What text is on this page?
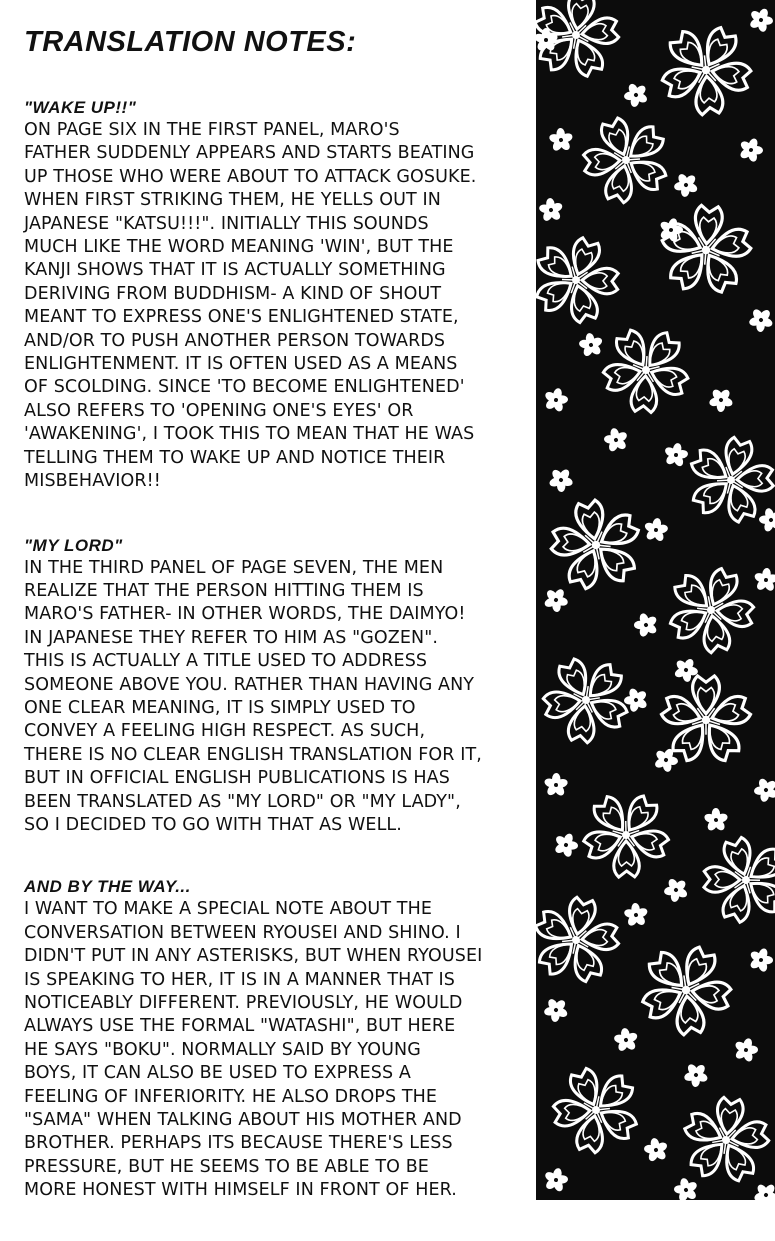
TRANSLATION NOTES:
"WAKE UP!!"
ON PAGE SIX IN THE FIRST PANEL, MARO'S
FATHER SUDDENLY APPEARS AND STARTS BEATING
UP THOSE WHO WERE ABOUT TO ATTACK GOSUKE.
WHEN FIRST STRIKING THEM, HE YELLS OUT IN
JAPANESE "KATSU!!!". INITIALLY THIS SOUNDS
MUCH LIKE THE WORD MEANING 'WIN', BUT THE
KANJI SHOWS THAT IT IS ACTUALLY SOMETHING
DERIVING FROM BUDDHISM- A KIND OF SHOUT
MEANT TO EXPRESS ONE'S ENLIGHTENED STATE,
AND/OR TO PUSH ANOTHER PERSON TOWARDS
ENLIGHTENMENT. IT IS OFTEN USED AS A MEANS
OF SCOLDING. SINCE 'TO BECOME ENLIGHTENED'
ALSO REFERS TO 'OPENING ONE'S EYES' OR
'AWAKENING', I TOOK THIS TO MEAN THAT HE WAS
TELLING THEM TO WAKE UP AND NOTICE THEIR
MISBEHAVIOR!!
"MY LORD"
IN THE THIRD PANEL OF PAGE SEVEN, THE MEN
REALIZE THAT THE PERSON HITTING THEM IS
MARO'S FATHER- IN OTHER WORDS, THE DAIMYO!
IN JAPANESE THEY REFER TO HIM AS "GOZEN".
THIS IS ACTUALLY A TITLE USED TO ADDRESS
SOMEONE ABOVE YOU. RATHER THAN HAVING ANY
ONE CLEAR MEANING, IT IS SIMPLY USED TO
CONVEY A FEELING HIGH RESPECT. AS SUCH,
THERE IS NO CLEAR ENGLISH TRANSLATION FOR IT,
BUT IN OFFICIAL ENGLISH PUBLICATIONS IS HAS
BEEN TRANSLATED AS "MY LORD" OR "MY LADY",
SO I DECIDED TO GO WITH THAT AS WELL.
AND BY THE WAY...
I WANT TO MAKE A SPECIAL NOTE ABOUT THE
CONVERSATION BETWEEN RYOUSEI AND SHINO. I
DIDN'T PUT IN ANY ASTERISKS, BUT WHEN RYOUSEI
IS SPEAKING TO HER, IT IS IN A MANNER THAT IS
NOTICEABLY DIFFERENT. PREVIOUSLY, HE WOULD
ALWAYS USE THE FORMAL "WATASHI", BUT HERE
HE SAYS "BOKU". NORMALLY SAID BY YOUNG
BOYS, IT CAN ALSO BE USED TO EXPRESS A
FEELING OF INFERIORITY. HE ALSO DROPS THE
"SAMA" WHEN TALKING ABOUT HIS MOTHER AND
BROTHER. PERHAPS ITS BECAUSE THERE'S LESS
PRESSURE, BUT HE SEEMS TO BE ABLE TO BE
MORE HONEST WITH HIMSELF IN FRONT OF HER.
